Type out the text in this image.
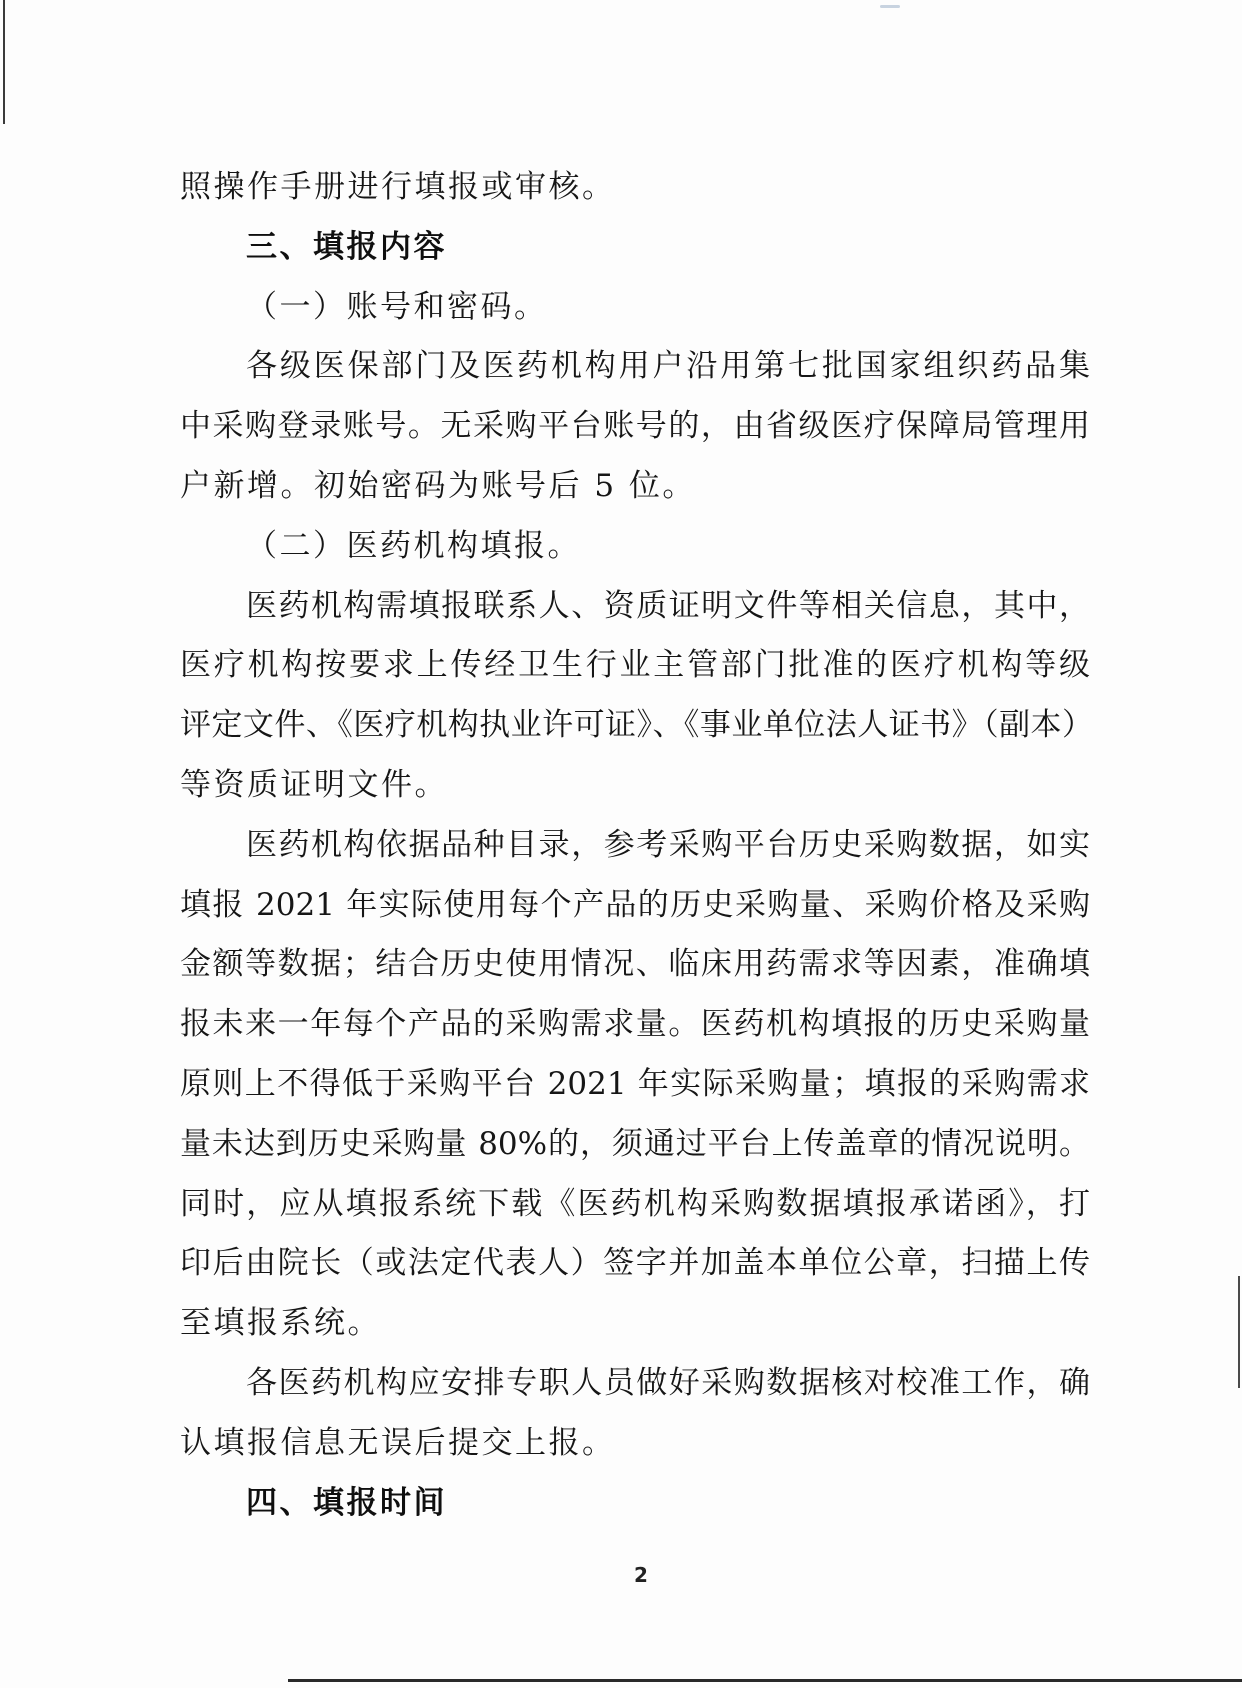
照操作手册进行填报或审核。
三、填报内容
（一）账号和密码。
各级医保部门及医药机构用户沿用第七批国家组织药品集
中采购登录账号。无采购平台账号的，由省级医疗保障局管理用
户新增。初始密码为账号后 5 位。
（二）医药机构填报。
医药机构需填报联系人、资质证明文件等相关信息，其中，
医疗机构按要求上传经卫生行业主管部门批准的医疗机构等级
评定文件、《医疗机构执业许可证》、《事业单位法人证书》（副本）
等资质证明文件。
医药机构依据品种目录，参考采购平台历史采购数据，如实
填报 2021 年实际使用每个产品的历史采购量、采购价格及采购
金额等数据；结合历史使用情况、临床用药需求等因素，准确填
报未来一年每个产品的采购需求量。医药机构填报的历史采购量
原则上不得低于采购平台 2021 年实际采购量；填报的采购需求
量未达到历史采购量 80%的，须通过平台上传盖章的情况说明。
同时，应从填报系统下载《医药机构采购数据填报承诺函》，打
印后由院长（或法定代表人）签字并加盖本单位公章，扫描上传
至填报系统。
各医药机构应安排专职人员做好采购数据核对校准工作，确
认填报信息无误后提交上报。
四、填报时间
2
